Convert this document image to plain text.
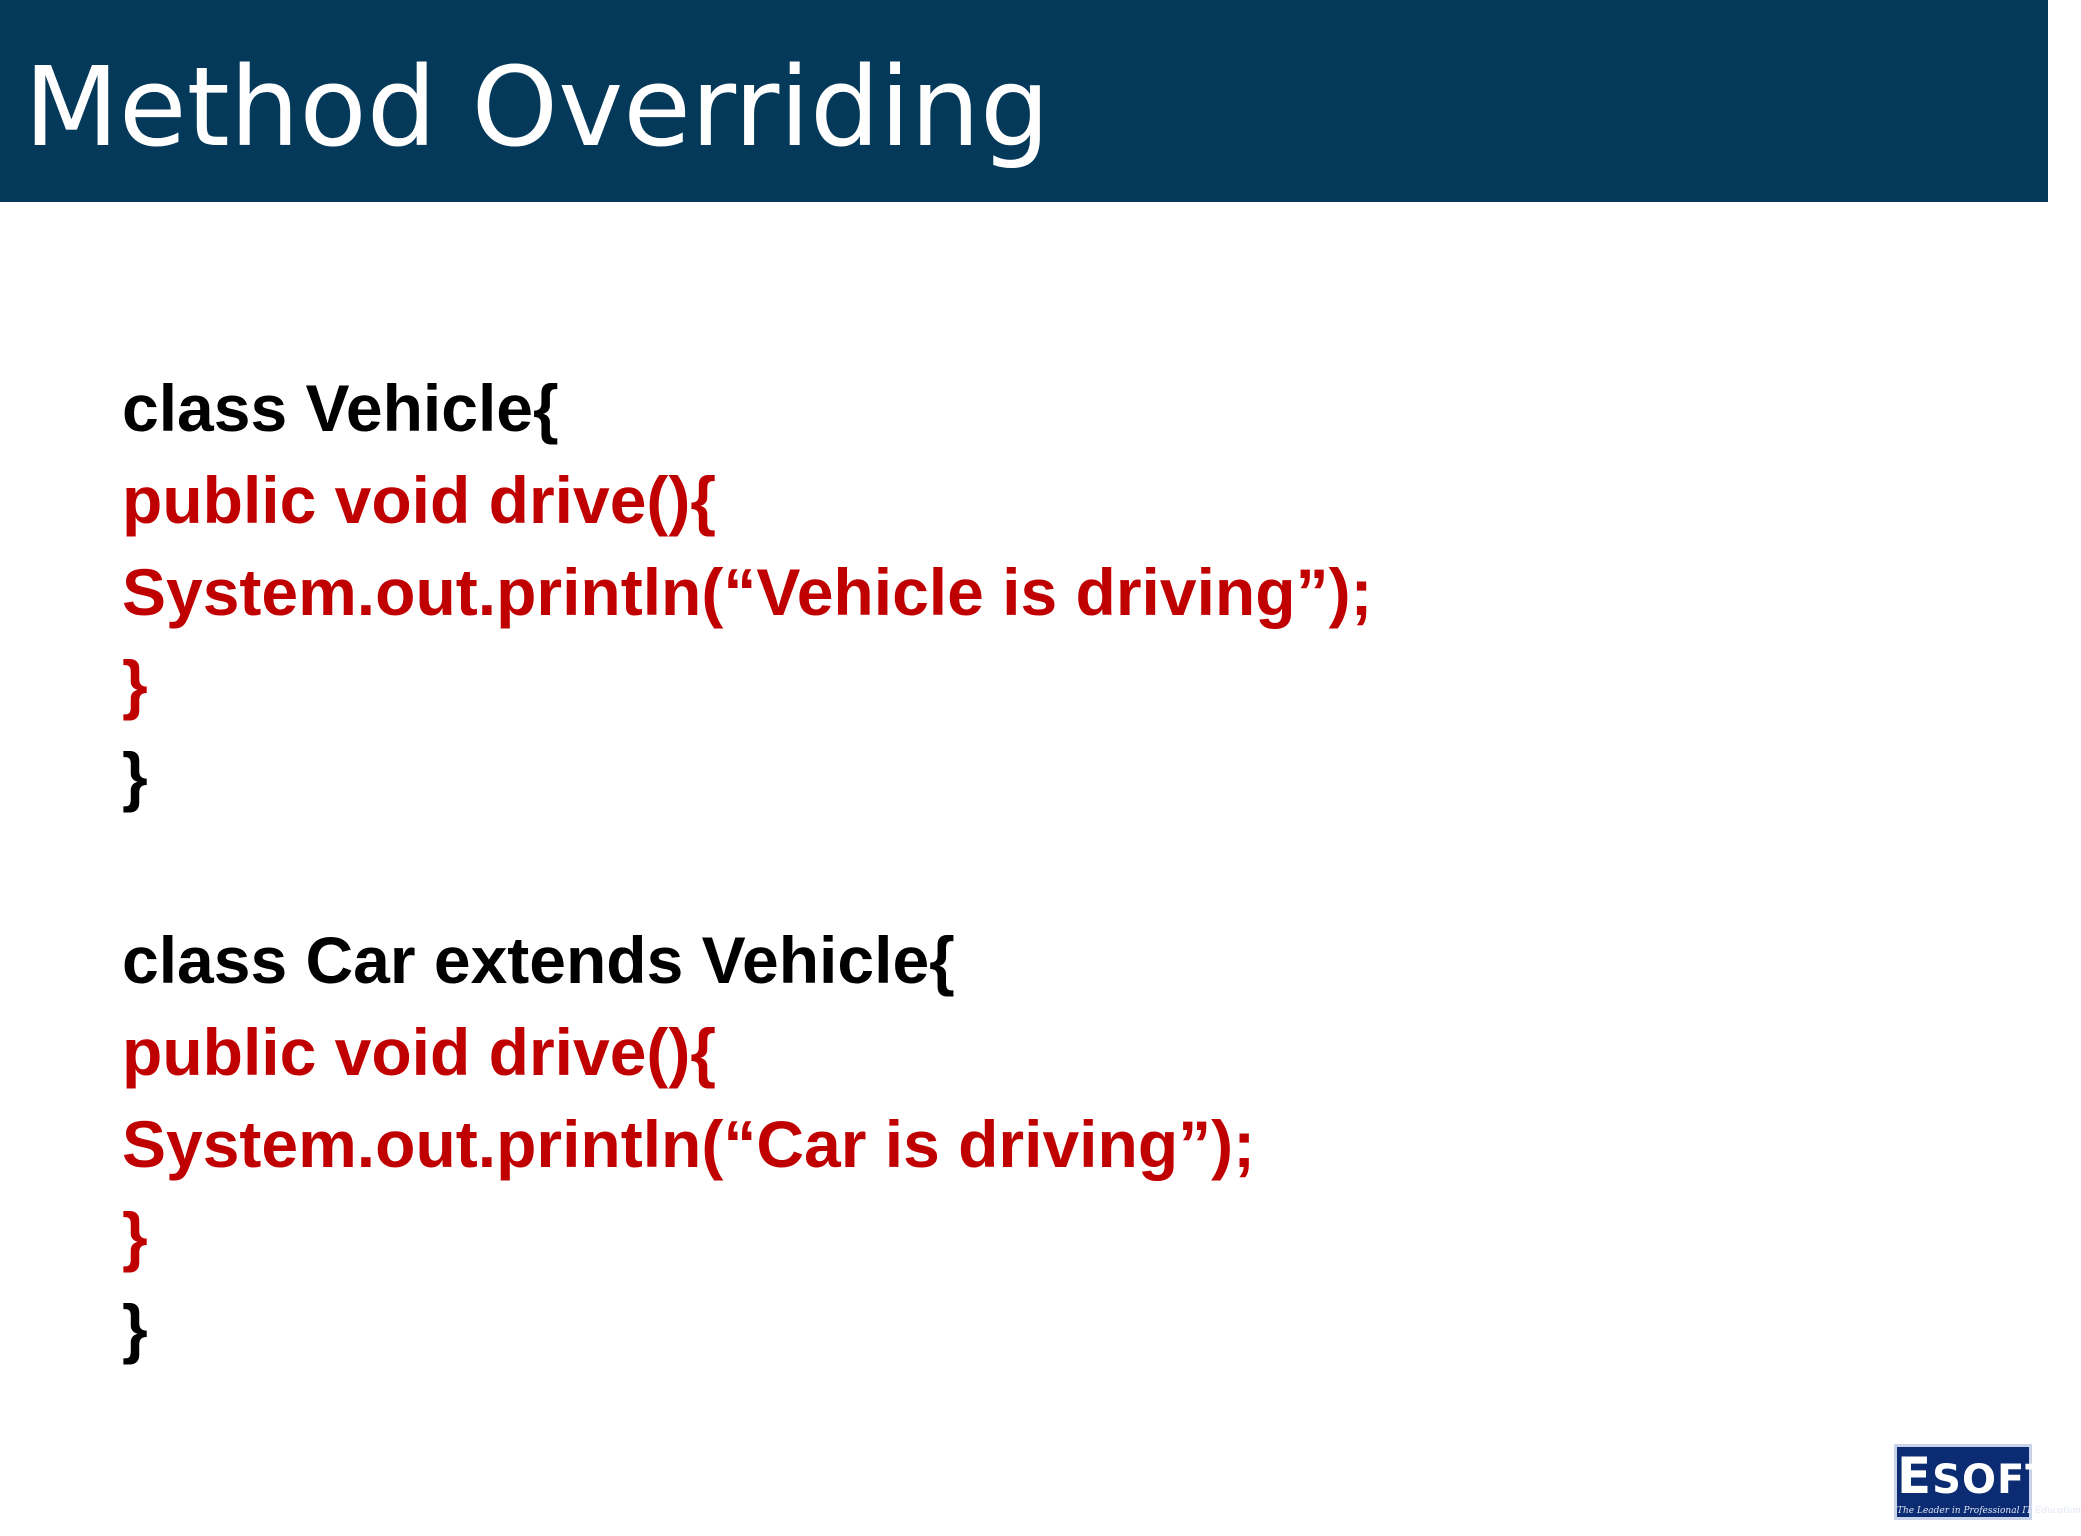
Method Overriding
class Vehicle{
public void drive(){
System.out.println(“Vehicle is driving”);
}
}
class Car extends Vehicle{
public void drive(){
System.out.println(“Car is driving”);
}
}
ESOFT
The Leader in Professional IT Education
